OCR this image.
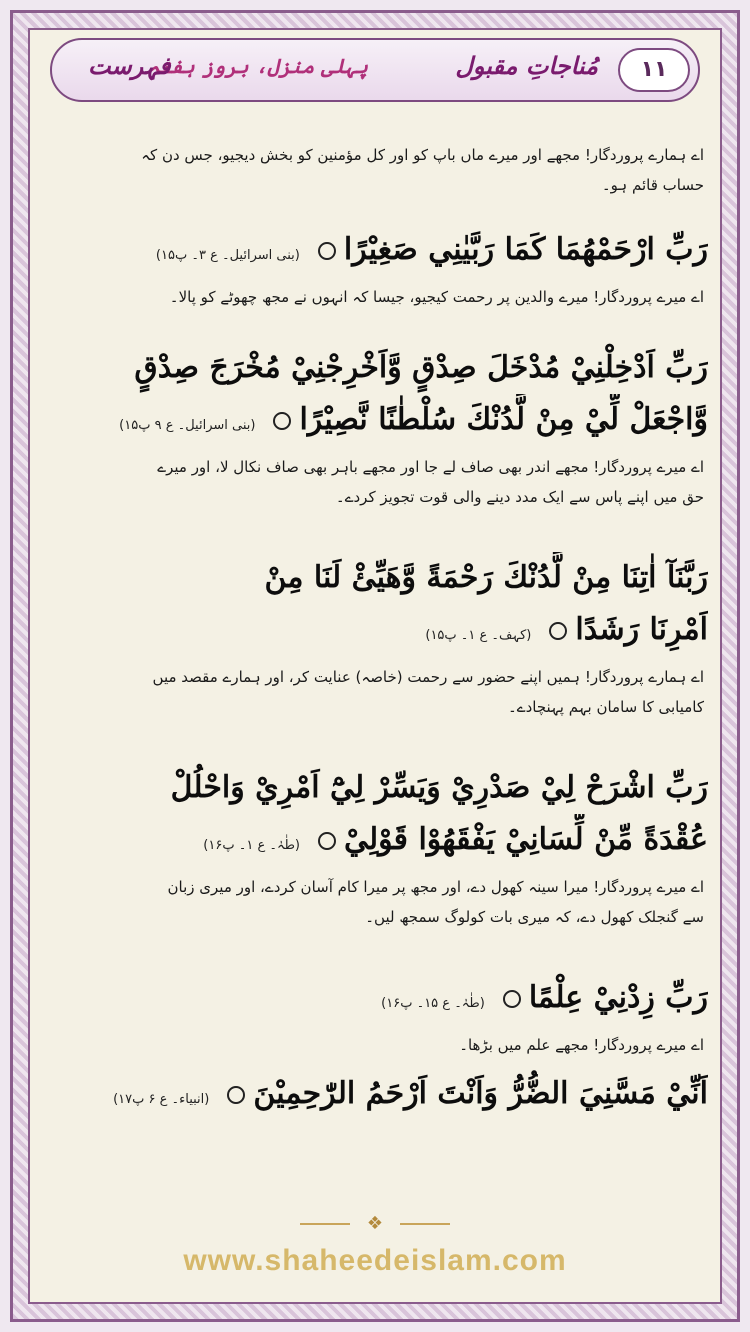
۱۱
مُناجاتِ مقبول
پہلی منزل، بروز ہفتہ
فہرست

اے ہمارے پروردگار! مجھے اور میرے ماں باپ کو اور کل مؤمنین کو بخش دیجیو، جس دن کہ

حساب قائم ہو۔

رَبِّ ارْحَمْهُمَا كَمَا رَبَّيٰنِي صَغِيْرًا(بنی اسرائیل۔ ع ۳۔ پ۱۵)

اے میرے پروردگار! میرے والدین پر رحمت کیجیو، جیسا کہ انہوں نے مجھ چھوٹے کو پالا۔

رَبِّ اَدْخِلْنِيْ مُدْخَلَ صِدْقٍ وَّاَخْرِجْنِيْ مُخْرَجَ صِدْقٍ

وَّاجْعَلْ لِّيْ مِنْ لَّدُنْكَ سُلْطٰنًا نَّصِيْرًا(بنی اسرائیل۔ ع ۹ پ۱۵)

اے میرے پروردگار! مجھے اندر بھی صاف لے جا اور مجھے باہر بھی صاف نکال لا، اور میرے

حق میں اپنے پاس سے ایک مدد دینے والی قوت تجویز کردے۔

رَبَّنَآ اٰتِنَا مِنْ لَّدُنْكَ رَحْمَةً وَّهَيِّئْ لَنَا مِنْ

اَمْرِنَا رَشَدًا(کہف۔ ع ۱۔ پ۱۵)

اے ہمارے پروردگار! ہمیں اپنے حضور سے رحمت (خاصہ) عنایت کر، اور ہمارے مقصد میں

کامیابی کا سامان بہم پہنچادے۔

رَبِّ اشْرَحْ لِيْ صَدْرِيْ وَيَسِّرْ لِيْٓ اَمْرِيْ وَاحْلُلْ

عُقْدَةً مِّنْ لِّسَانِيْ يَفْقَهُوْا قَوْلِيْ(طٰہٰ۔ ع ۱۔ پ۱۶)

اے میرے پروردگار! میرا سینہ کھول دے، اور مجھ پر میرا کام آسان کردے، اور میری زبان

سے گنجلک کھول دے، کہ میری بات کولوگ سمجھ لیں۔

رَبِّ زِدْنِيْ عِلْمًا(طٰہٰ۔ ع ۱۵۔ پ۱۶)

اے میرے پروردگار! مجھے علم میں بڑھا۔

اَنِّيْ مَسَّنِيَ الضُّرُّ وَاَنْتَ اَرْحَمُ الرّٰحِمِيْنَ(انبیاء۔ ع ۶ پ۱۷)

❖
www.shaheedeislam.com
